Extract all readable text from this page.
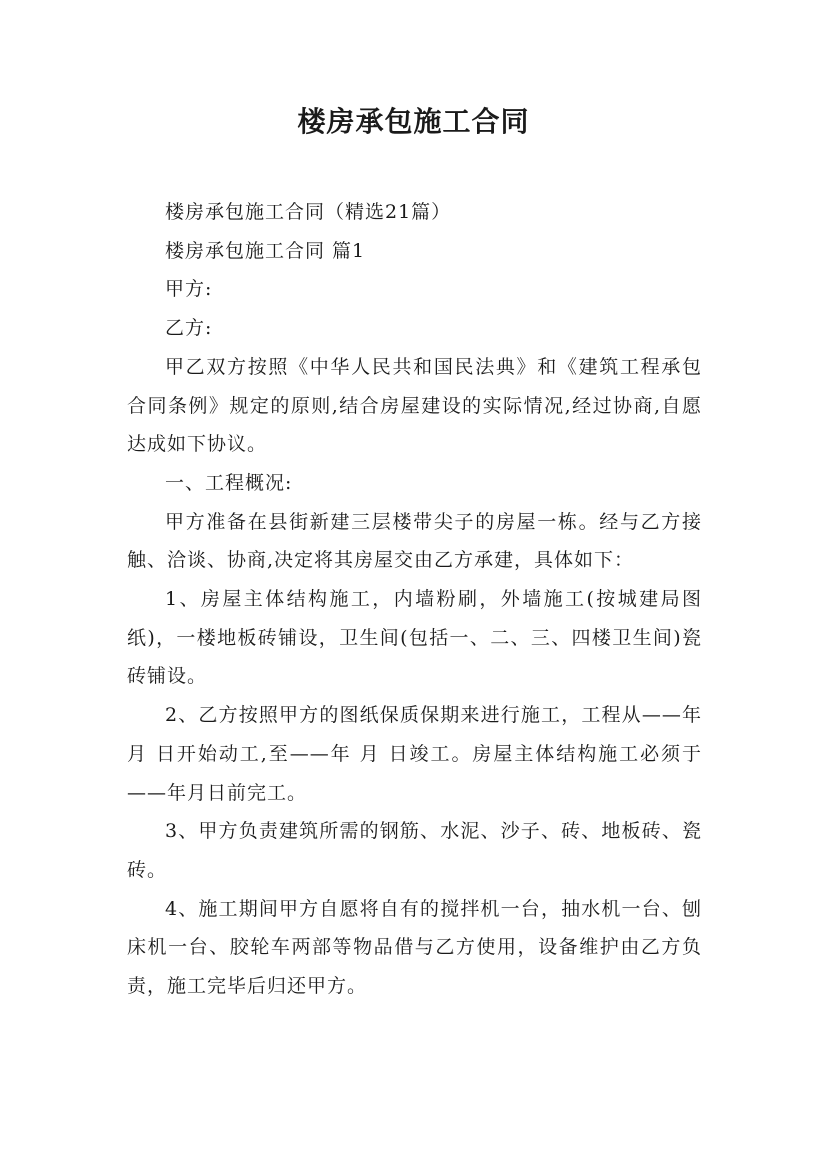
楼房承包施工合同

楼房承包施工合同（精选21篇）

楼房承包施工合同 篇1

甲方:

乙方:

甲乙双方按照《中华人民共和国民法典》和《建筑工程承包合同条例》规定的原则,结合房屋建设的实际情况,经过协商,自愿达成如下协议。

一、工程概况:

甲方准备在县街新建三层楼带尖子的房屋一栋。经与乙方接触、洽谈、协商,决定将其房屋交由乙方承建，具体如下：

1、房屋主体结构施工，内墙粉刷，外墙施工(按城建局图纸)，一楼地板砖铺设，卫生间(包括一、二、三、四楼卫生间)瓷砖铺设。

2、乙方按照甲方的图纸保质保期来进行施工，工程从——年 月 日开始动工,至——年 月 日竣工。房屋主体结构施工必须于——年月日前完工。

3、甲方负责建筑所需的钢筋、水泥、沙子、砖、地板砖、瓷砖。

4、施工期间甲方自愿将自有的搅拌机一台，抽水机一台、刨床机一台、胶轮车两部等物品借与乙方使用，设备维护由乙方负责，施工完毕后归还甲方。
